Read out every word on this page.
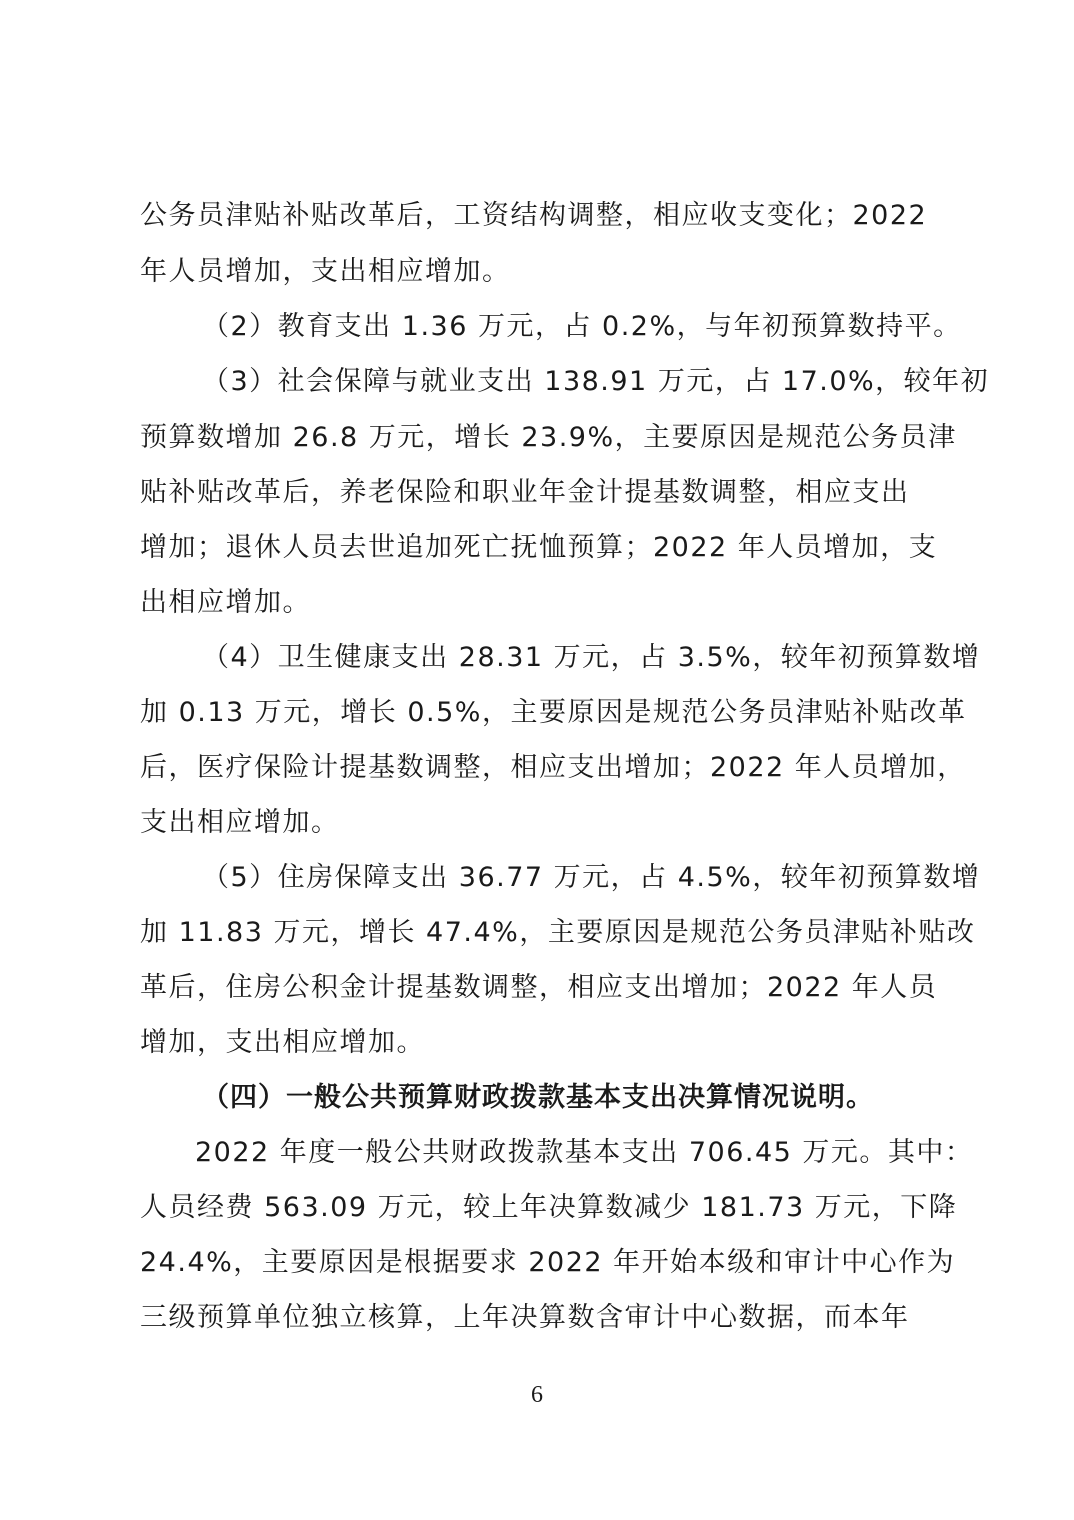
公务员津贴补贴改革后，工资结构调整，相应收支变化；2022
年人员增加，支出相应增加。
（2）教育支出 1.36 万元，占 0.2%，与年初预算数持平。
（3）社会保障与就业支出 138.91 万元，占 17.0%，较年初
预算数增加 26.8 万元，增长 23.9%，主要原因是规范公务员津
贴补贴改革后，养老保险和职业年金计提基数调整，相应支出
增加；退休人员去世追加死亡抚恤预算；2022 年人员增加，支
出相应增加。
（4）卫生健康支出 28.31 万元，占 3.5%，较年初预算数增
加 0.13 万元，增长 0.5%，主要原因是规范公务员津贴补贴改革
后，医疗保险计提基数调整，相应支出增加；2022 年人员增加，
支出相应增加。
（5）住房保障支出 36.77 万元，占 4.5%，较年初预算数增
加 11.83 万元，增长 47.4%，主要原因是规范公务员津贴补贴改
革后，住房公积金计提基数调整，相应支出增加；2022 年人员
增加，支出相应增加。
（四）一般公共预算财政拨款基本支出决算情况说明。
2022 年度一般公共财政拨款基本支出 706.45 万元。其中：
人员经费 563.09 万元，较上年决算数减少 181.73 万元，下降
24.4%，主要原因是根据要求 2022 年开始本级和审计中心作为
三级预算单位独立核算，上年决算数含审计中心数据，而本年
6
